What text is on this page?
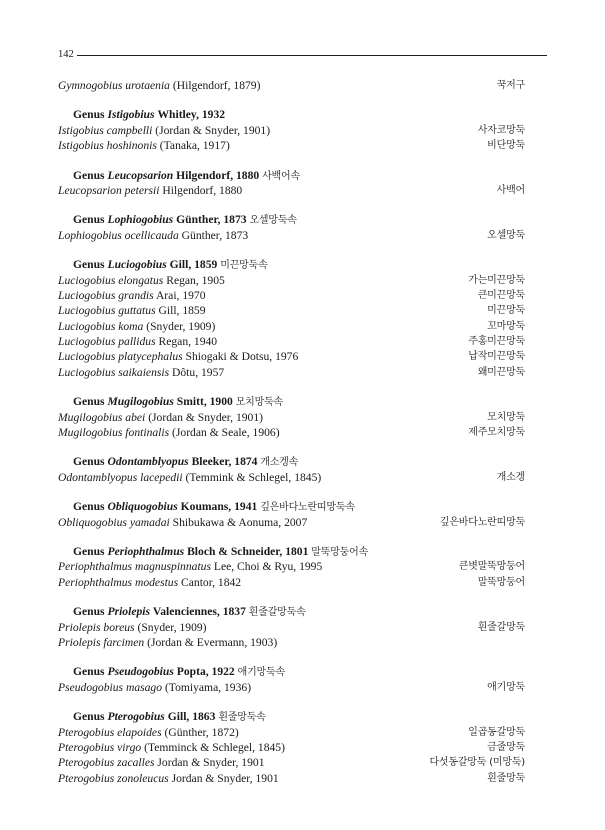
142
Gymnogobius urotaenia (Hilgendorf, 1879)	꾹저구
Genus Istigobius Whitley, 1932
Istigobius campbelli (Jordan & Snyder, 1901)	사자코망둑
Istigobius hoshinonis (Tanaka, 1917)	비단망둑
Genus Leucopsarion Hilgendorf, 1880 사백어속
Leucopsarion petersii Hilgendorf, 1880	사백어
Genus Lophiogobius Günther, 1873 오셀망둑속
Lophiogobius ocellicauda Günther, 1873	오셀망둑
Genus Luciogobius Gill, 1859 미끈망둑속
Luciogobius elongatus Regan, 1905	가는미끈망둑
Luciogobius grandis Arai, 1970	큰미끈망둑
Luciogobius guttatus Gill, 1859	미끈망둑
Luciogobius koma (Snyder, 1909)	꼬마망둑
Luciogobius pallidus Regan, 1940	주홍미끈망둑
Luciogobius platycephalus Shiogaki & Dotsu, 1976	납작미끈망둑
Luciogobius saikaiensis Dôtu, 1957	왜미끈망둑
Genus Mugilogobius Smitt, 1900 모치망둑속
Mugilogobius abei (Jordan & Snyder, 1901)	모치망둑
Mugilogobius fontinalis (Jordan & Seale, 1906)	제주모치망둑
Genus Odontamblyopus Bleeker, 1874 개소겡속
Odontamblyopus lacepedii (Temmink & Schlegel, 1845)	개소겡
Genus Obliquogobius Koumans, 1941 깊은바다노란띠망둑속
Obliquogobius yamadai Shibukawa & Aonuma, 2007	깊은바다노란띠망둑
Genus Periophthalmus Bloch & Schneider, 1801 말뚝망둥어속
Periophthalmus magnuspinnatus Lee, Choi & Ryu, 1995	큰볏말뚝망둥어
Periophthalmus modestus Cantor, 1842	말뚝망둥어
Genus Priolepis Valenciennes, 1837 흰줄갈망둑속
Priolepis boreus (Snyder, 1909)	흰줄갈망둑
Priolepis farcimen (Jordan & Evermann, 1903)
Genus Pseudogobius Popta, 1922 애기망둑속
Pseudogobius masago (Tomiyama, 1936)	애기망둑
Genus Pterogobius Gill, 1863 횐줄망둑속
Pterogobius elapoides (Günther, 1872)	일곱동갈망둑
Pterogobius virgo (Temminck & Schlegel, 1845)	금줄망둑
Pterogobius zacalles Jordan & Snyder, 1901	다섯동갈망둑 (미망둑)
Pterogobius zonoleucus Jordan & Snyder, 1901	흰줄망둑
